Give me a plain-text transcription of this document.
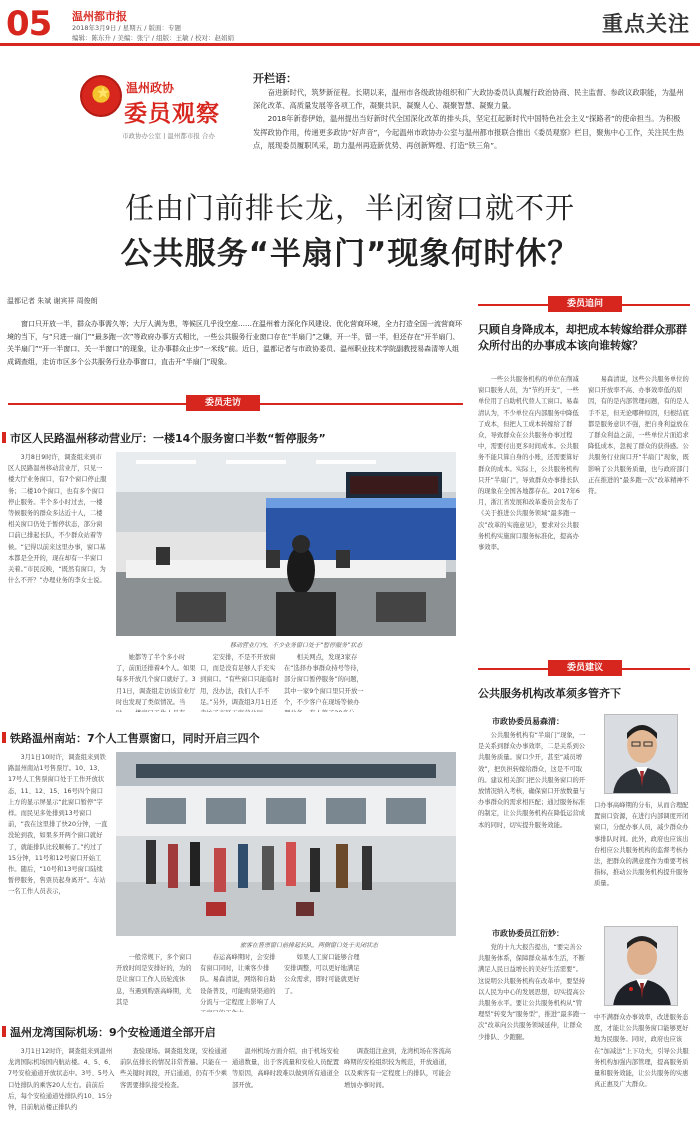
05 温州都市报
2018年3月9日 / 星期五 / 版面：专题
编辑：陈东升 / 美编：张宁 / 组版：王敏 / 校对：赵娟娟
重点关注
★	温州政协
委员观察
市政协办公室 | 温州都市报 合办
开栏语：

奋进新时代，筑梦新征程。长期以来，温州市各级政协组织和广大政协委员认真履行政治协商、民主监督、参政议政职能，为温州深化改革、高质量发展等各项工作，凝聚共识、凝聚人心、凝聚智慧、凝聚力量。

2018年新春伊始，温州提出当好新时代全国深化改革的排头兵，坚定扛起新时代中国特色社会主义“探路者”的使命担当。为积极发挥政协作用，传递更多政协“好声音”，今起温州市政协办公室与温州都市报联合推出《委员观察》栏目，聚焦中心工作，关注民生热点，展现委员履职风采，助力温州再造新优势、再创新辉煌、打造“铁三角”。

任由门前排长龙，半闭窗口就不开
公共服务“半扇门”现象何时休？
温都记者 朱斌 谢宾祥 周俊朗
窗口只开放一半，群众办事需久等；大厅人满为患，等候区几乎没空座……在温州着力深化作风建设、优化营商环境，全力打造全国一流营商环境的当下，与“只进一扇门”“最多跑一次”等政府办事方式相比，一些公共服务行业窗口存在“半扇门”之嫌，开一半，留一半，但还存在“开半扇门、关半扇门”“开一半窗口、关一半窗口”的现象，让办事群众止步“一米线”前。近日，温都记者与市政协委员、温州职业技术学院副教授易森清等人组成调查组，走访市区多个公共服务行业办事窗口，直击开“半扇门”现象。
委员走访
市区人民路温州移动营业厅：一楼14个服务窗口半数“暂停服务”
3月8日9时许，调查组来到市区人民路温州移动营业厅，只见一楼大厅业务窗口，有7个窗口停止服务；二楼10个窗口，也有多个窗口停止服务。半个多小时过去，一楼等候服务的群众多达近十人，二楼相关窗口仍处于暂停状态，部分窗口前已排起长队，不少群众站着等候。“记得以前来这里办事，窗口基本都是全开的，现在却有一半窗口关着。”市民反映，“既然有窗口，为什么不开？”办理业务的李女士说。
移动营业厅内，不少业务窗口处于“暂停服务”状态
她都等了半个多小时了，前面还排着4个人。如果每多开放几个窗口就好了。3月1日，调查组走访该营业厅时也发现了类似情况。当
定安排，不是不开放窗口，而是没有足够人手充实到窗口。“有些窗口只能临时用，没办法，我们人手不足。”另外，调查组3月1日还
相关网点，发现3家存在“选择办事群众持号等待，部分窗口暂停服务”的问题，其中一家9个窗口里只开放一个，不少客户在现场等候办
铁路温州南站：7个人工售票窗口，同时开启三四个
3月1日10时许，调查组来到铁路温州南站1号售票厅。10、13、17号人工售票窗口处于工作开放状态，11、12、15、16号四个窗口上方的显示屏显示“此窗口暂停”字样。而民见多处排到13号窗口前，“我在这里排了快20分钟，一直没轮到我，如果多开两个窗口就好了，就能排队比较顺畅了。”约过了15分钟，11号和12号窗口开始工作。随后，“10号和13号窗口陆续暂停服务，售票员起身离开”。车站一名工作人员表示，
旅客在售票窗口前排起长队，两侧窗口处于关闭状态
一般常规下，多个窗口开放时间是安排好的，为的是让窗口工作人员轮流休息，当遇到购票高峰期，尤其是
春运高峰期时，会安排有窗口同时，让乘客少排队。易森清说，网络和自助设备普及，可能购票渠道的分流与一定程度上影响了人
如果人工窗口能够合理安排调整，可以更好地满足公众需求，即时可能就更好了。
温州龙湾国际机场：9个安检通道全部开启
3月1日12时许，调查组来到温州龙湾国际机场国内航站楼。4、5、6、7号安检通道开放状态中。3号、5号入口处排队的乘客20人左右。前前后后，每个安检通道处排队约10、15分钟，目前航站楼正排队约
查验现场。调查组发现，安检通道前队伍排长的情况非常普遍。只能在一些关键时间段，开启通道，仍有不少乘客需要排队接受检查。
温州机场方面介绍，由于机场安检通道数量，出于客流量和安检人员配置等原因，高峰时段难以做到所有通道全部开放。
调查组注意到，龙湾机场在客流高峰期的安检组织较为规范，开放通道，以及乘客有一定程度上的排队，可能会增加办事时间。
委员追问
只顾自身降成本，却把成本转嫁给群众那群众所付出的办事成本该向谁转嫁？
一些公共服务机构的单位在削减窗口服务人员，为“节约开支”，一些单位用了自助机代替人工窗口。易森清认为，不少单位在内部服务中降低了成本，但把人工成本转嫁给了群众，导致群众在公共服务办事过程中，需要付出更多时间成本。公共服务不能只算自身的小账，还需要算好群众的成本。实际上，公共服务机构只开“半扇门”，导致群众办事排长队的现象在全国各地都存在。2017年6月，浙江省发展和改革委员会发布了《关于推进公共服务领域“最多跑一次”改革的实施意见》，要求对公共服务机构实施窗口服务标准化，提高办事效率。
易森清说，这些公共服务单位的窗口开放率不高、办事效率低的原因，有的是内部管理问题，有的是人手不足，但无论哪种原因，归根结底都是服务意识不强，把自身利益放在了群众利益之前，一些单位片面追求降低成本，忽视了群众的获得感。公共服务行业窗口开“半扇门”现象，既影响了公共服务质量，也与政府部门正在推进的“最多跑一次”改革精神不符。
委员建议
公共服务机构改革须多管齐下
市政协委员易森清：
公共服务机构有“半扇门”现象，一是关系到群众办事效率，二是关系到公共服务质量。窗口少开，甚至“减员增效”，把负担转嫁给群众，这是不可取的。建议相关部门把公共服务窗口的开放情况纳入考核，确保窗口开放数量与办事群众的需求相匹配；通过服务标准的制定，让公共服务机构在降低运营成本的同时，切实提升服务效能。
口办事高峰期的分布，从而合理配置窗口资源，在进行内部调度开闭窗口，分配办事人员，减少群众办事排队时间。此外，政府也应该出台相应公共服务机构的监督考核办法，把群众的满意度作为重要考核指标，推动公共服务机构提升服务质量。
市政协委员江衍妙：
党的十九大报告提出，“要完善公共服务体系，保障群众基本生活，不断满足人民日益增长的美好生活需要”。这说明公共服务机构在改革中，要坚持以人民为中心的发展思想，切实提高公共服务水平。要让公共服务机构从“管理型”转变为“服务型”，推进“最多跑一次”改革向公共服务领域延伸，让群众少排队、少跑腿。
中不满群众办事效率，改进服务态度，才能让公共服务窗口能够更好地为民服务。同时，政府也应该在“加减法”上下功夫，引导公共服务机构加强内部管理，提高服务质量和服务效能，让公共服务的实惠真正惠及广大群众。
